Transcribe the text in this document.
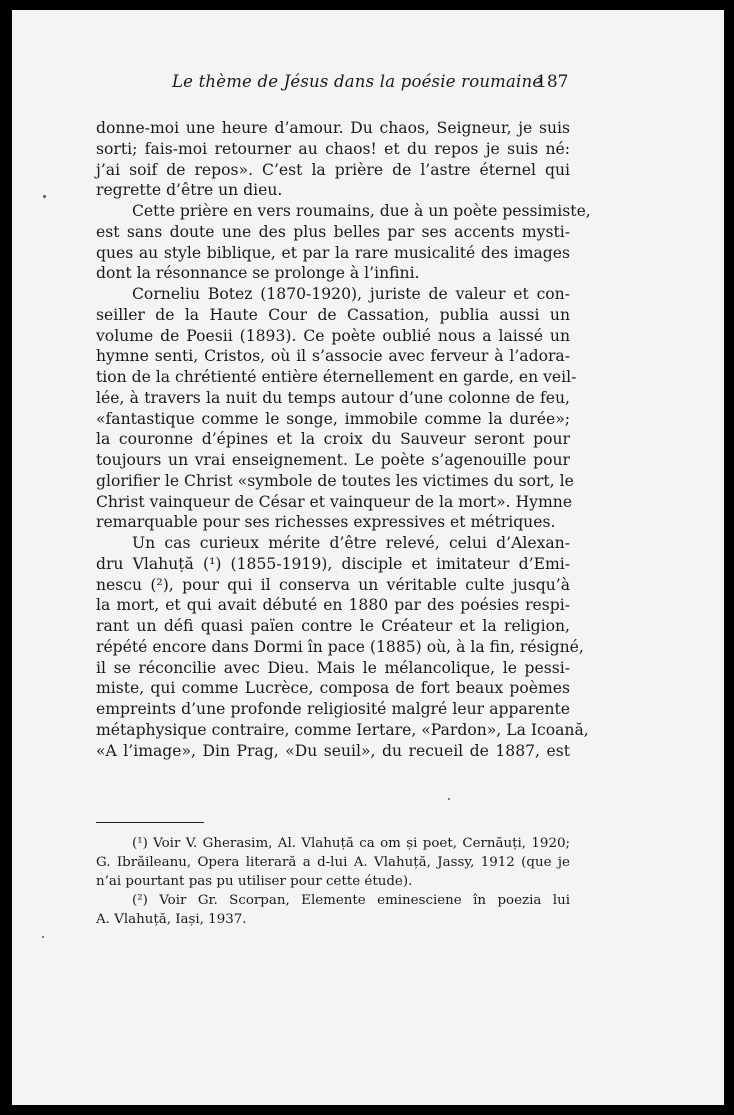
Le thème de Jésus dans la poésie roumaine
187
donne-moi une heure d’amour. Du chaos, Seigneur, je suis
sorti; fais-moi retourner au chaos! et du repos je suis né:
j’ai soif de repos». C’est la prière de l’astre éternel qui
regrette d’être un dieu.
Cette prière en vers roumains, due à un poète pessimiste,
est sans doute une des plus belles par ses accents mysti-
ques au style biblique, et par la rare musicalité des images
dont la résonnance se prolonge à l’infini.
Corneliu Botez (1870-1920), juriste de valeur et con-
seiller de la Haute Cour de Cassation, publia aussi un
volume de Poesii (1893). Ce poète oublié nous a laissé un
hymne senti, Cristos, où il s’associe avec ferveur à l’adora-
tion de la chrétienté entière éternellement en garde, en veil-
lée, à travers la nuit du temps autour d’une colonne de feu,
«fantastique comme le songe, immobile comme la durée»;
la couronne d’épines et la croix du Sauveur seront pour
toujours un vrai enseignement. Le poète s’agenouille pour
glorifier le Christ «symbole de toutes les victimes du sort, le
Christ vainqueur de César et vainqueur de la mort». Hymne
remarquable pour ses richesses expressives et métriques.
Un cas curieux mérite d’être relevé, celui d’Alexan-
dru Vlahuță (¹) (1855-1919), disciple et imitateur d’Emi-
nescu (²), pour qui il conserva un véritable culte jusqu’à
la mort, et qui avait débuté en 1880 par des poésies respi-
rant un défi quasi païen contre le Créateur et la religion,
répété encore dans Dormi în pace (1885) où, à la fin, résigné,
il se réconcilie avec Dieu. Mais le mélancolique, le pessi-
miste, qui comme Lucrèce, composa de fort beaux poèmes
empreints d’une profonde religiosité malgré leur apparente
métaphysique contraire, comme Iertare, «Pardon», La Icoană,
«A l’image», Din Prag, «Du seuil», du recueil de 1887, est
(¹) Voir V. Gherasim, Al. Vlahuță ca om și poet, Cernăuți, 1920;
G. Ibrăileanu, Opera literară a d-lui A. Vlahuță, Jassy, 1912 (que je
n’ai pourtant pas pu utiliser pour cette étude).
(²) Voir Gr. Scorpan, Elemente eminesciene în poezia lui
A. Vlahuță, Iași, 1937.
